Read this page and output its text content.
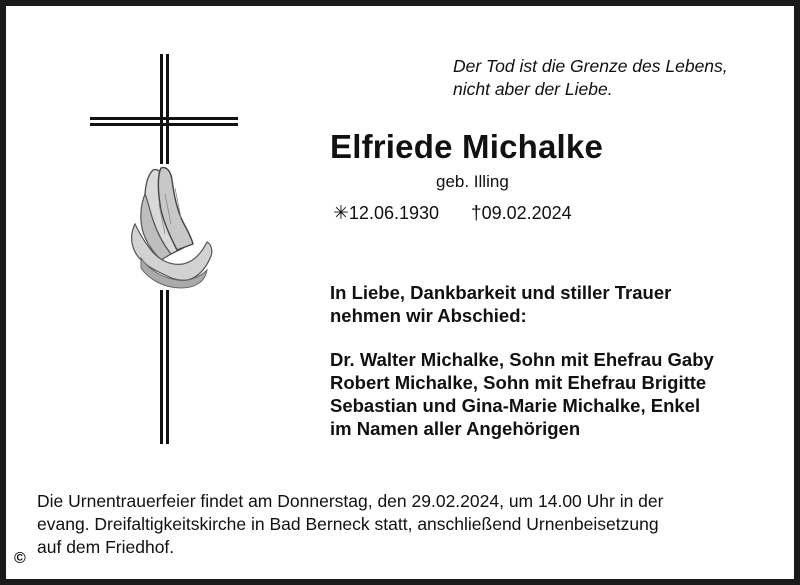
Der Tod ist die Grenze des Lebens,
nicht aber der Liebe.
Elfriede Michalke
geb. Illing
✳12.06.1930 †09.02.2024
In Liebe, Dankbarkeit und stiller Trauer
nehmen wir Abschied:
Dr. Walter Michalke, Sohn mit Ehefrau Gaby
Robert Michalke, Sohn mit Ehefrau Brigitte
Sebastian und Gina-Marie Michalke, Enkel
im Namen aller Angehörigen
Die Urnentrauerfeier findet am Donnerstag, den 29.02.2024, um 14.00 Uhr in der
evang. Dreifaltigkeitskirche in Bad Berneck statt, anschließend Urnenbeisetzung
auf dem Friedhof.
©
